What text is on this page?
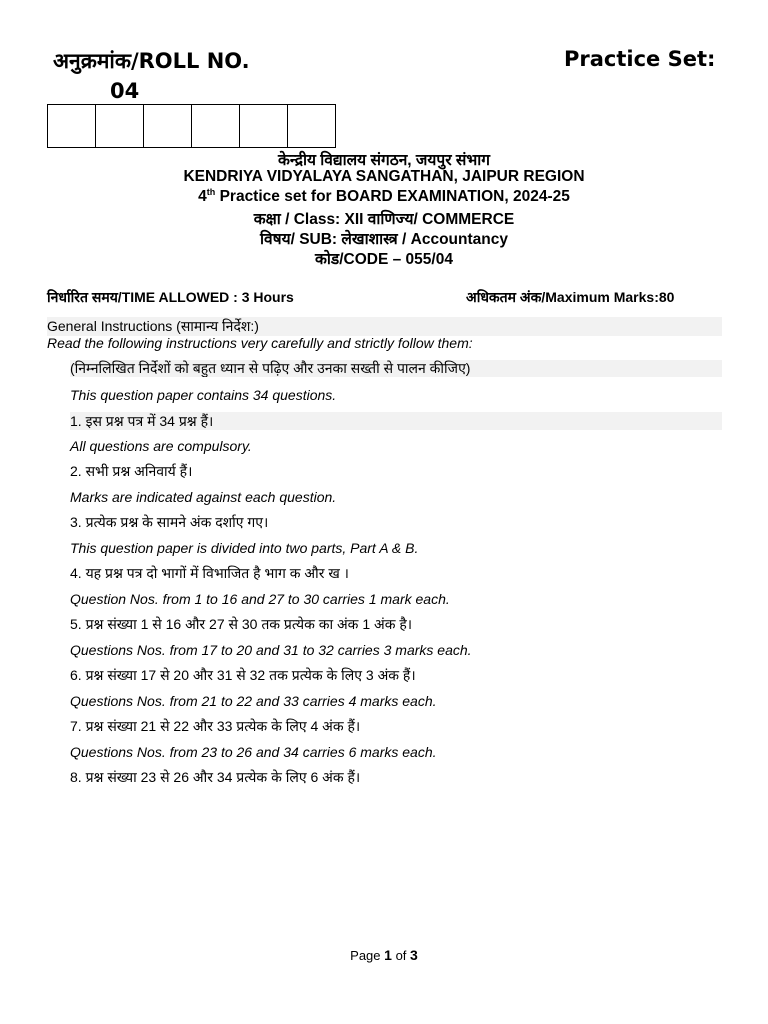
अनुक्रमांक/ROLL NO.
04
Practice Set:
केन्द्रीय विद्यालय संगठन, जयपुर संभाग
KENDRIYA VIDYALAYA SANGATHAN, JAIPUR REGION
4th Practice set for BOARD EXAMINATION, 2024-25
कक्षा / Class: XII वाणिज्य/ COMMERCE
विषय/ SUB: लेखाशास्त्र / Accountancy
कोड/CODE – 055/04
निर्धारित समय/TIME ALLOWED : 3 Hours	अधिकतम अंक/Maximum Marks:80
General Instructions (सामान्य निर्देश:)
Read the following instructions very carefully and strictly follow them:
(निम्नलिखित निर्देशों को बहुत ध्यान से पढ़िए और उनका सख्ती से पालन कीजिए)
This question paper contains 34 questions.
1. इस प्रश्न पत्र में 34 प्रश्न हैं।
All questions are compulsory.
2. सभी प्रश्न अनिवार्य हैं।
Marks are indicated against each question.
3. प्रत्येक प्रश्न के सामने अंक दर्शाए गए।
This question paper is divided into two parts, Part A & B.
4. यह प्रश्न पत्र दो भागों में विभाजित है भाग क और ख ।
Question Nos. from 1 to 16 and 27 to 30 carries 1 mark each.
5. प्रश्न संख्या 1 से 16 और 27 से 30 तक प्रत्येक का अंक 1 अंक है।
Questions Nos. from 17 to 20 and 31 to 32 carries 3 marks each.
6. प्रश्न संख्या 17 से 20 और 31 से 32 तक प्रत्येक के लिए 3 अंक हैं।
Questions Nos. from 21 to 22 and 33 carries 4 marks each.
7. प्रश्न संख्या 21 से 22 और 33 प्रत्येक के लिए 4 अंक हैं।
Questions Nos. from 23 to 26 and 34 carries 6 marks each.
8. प्रश्न संख्या 23 से 26 और 34 प्रत्येक के लिए 6 अंक हैं।
Page 1 of 3
